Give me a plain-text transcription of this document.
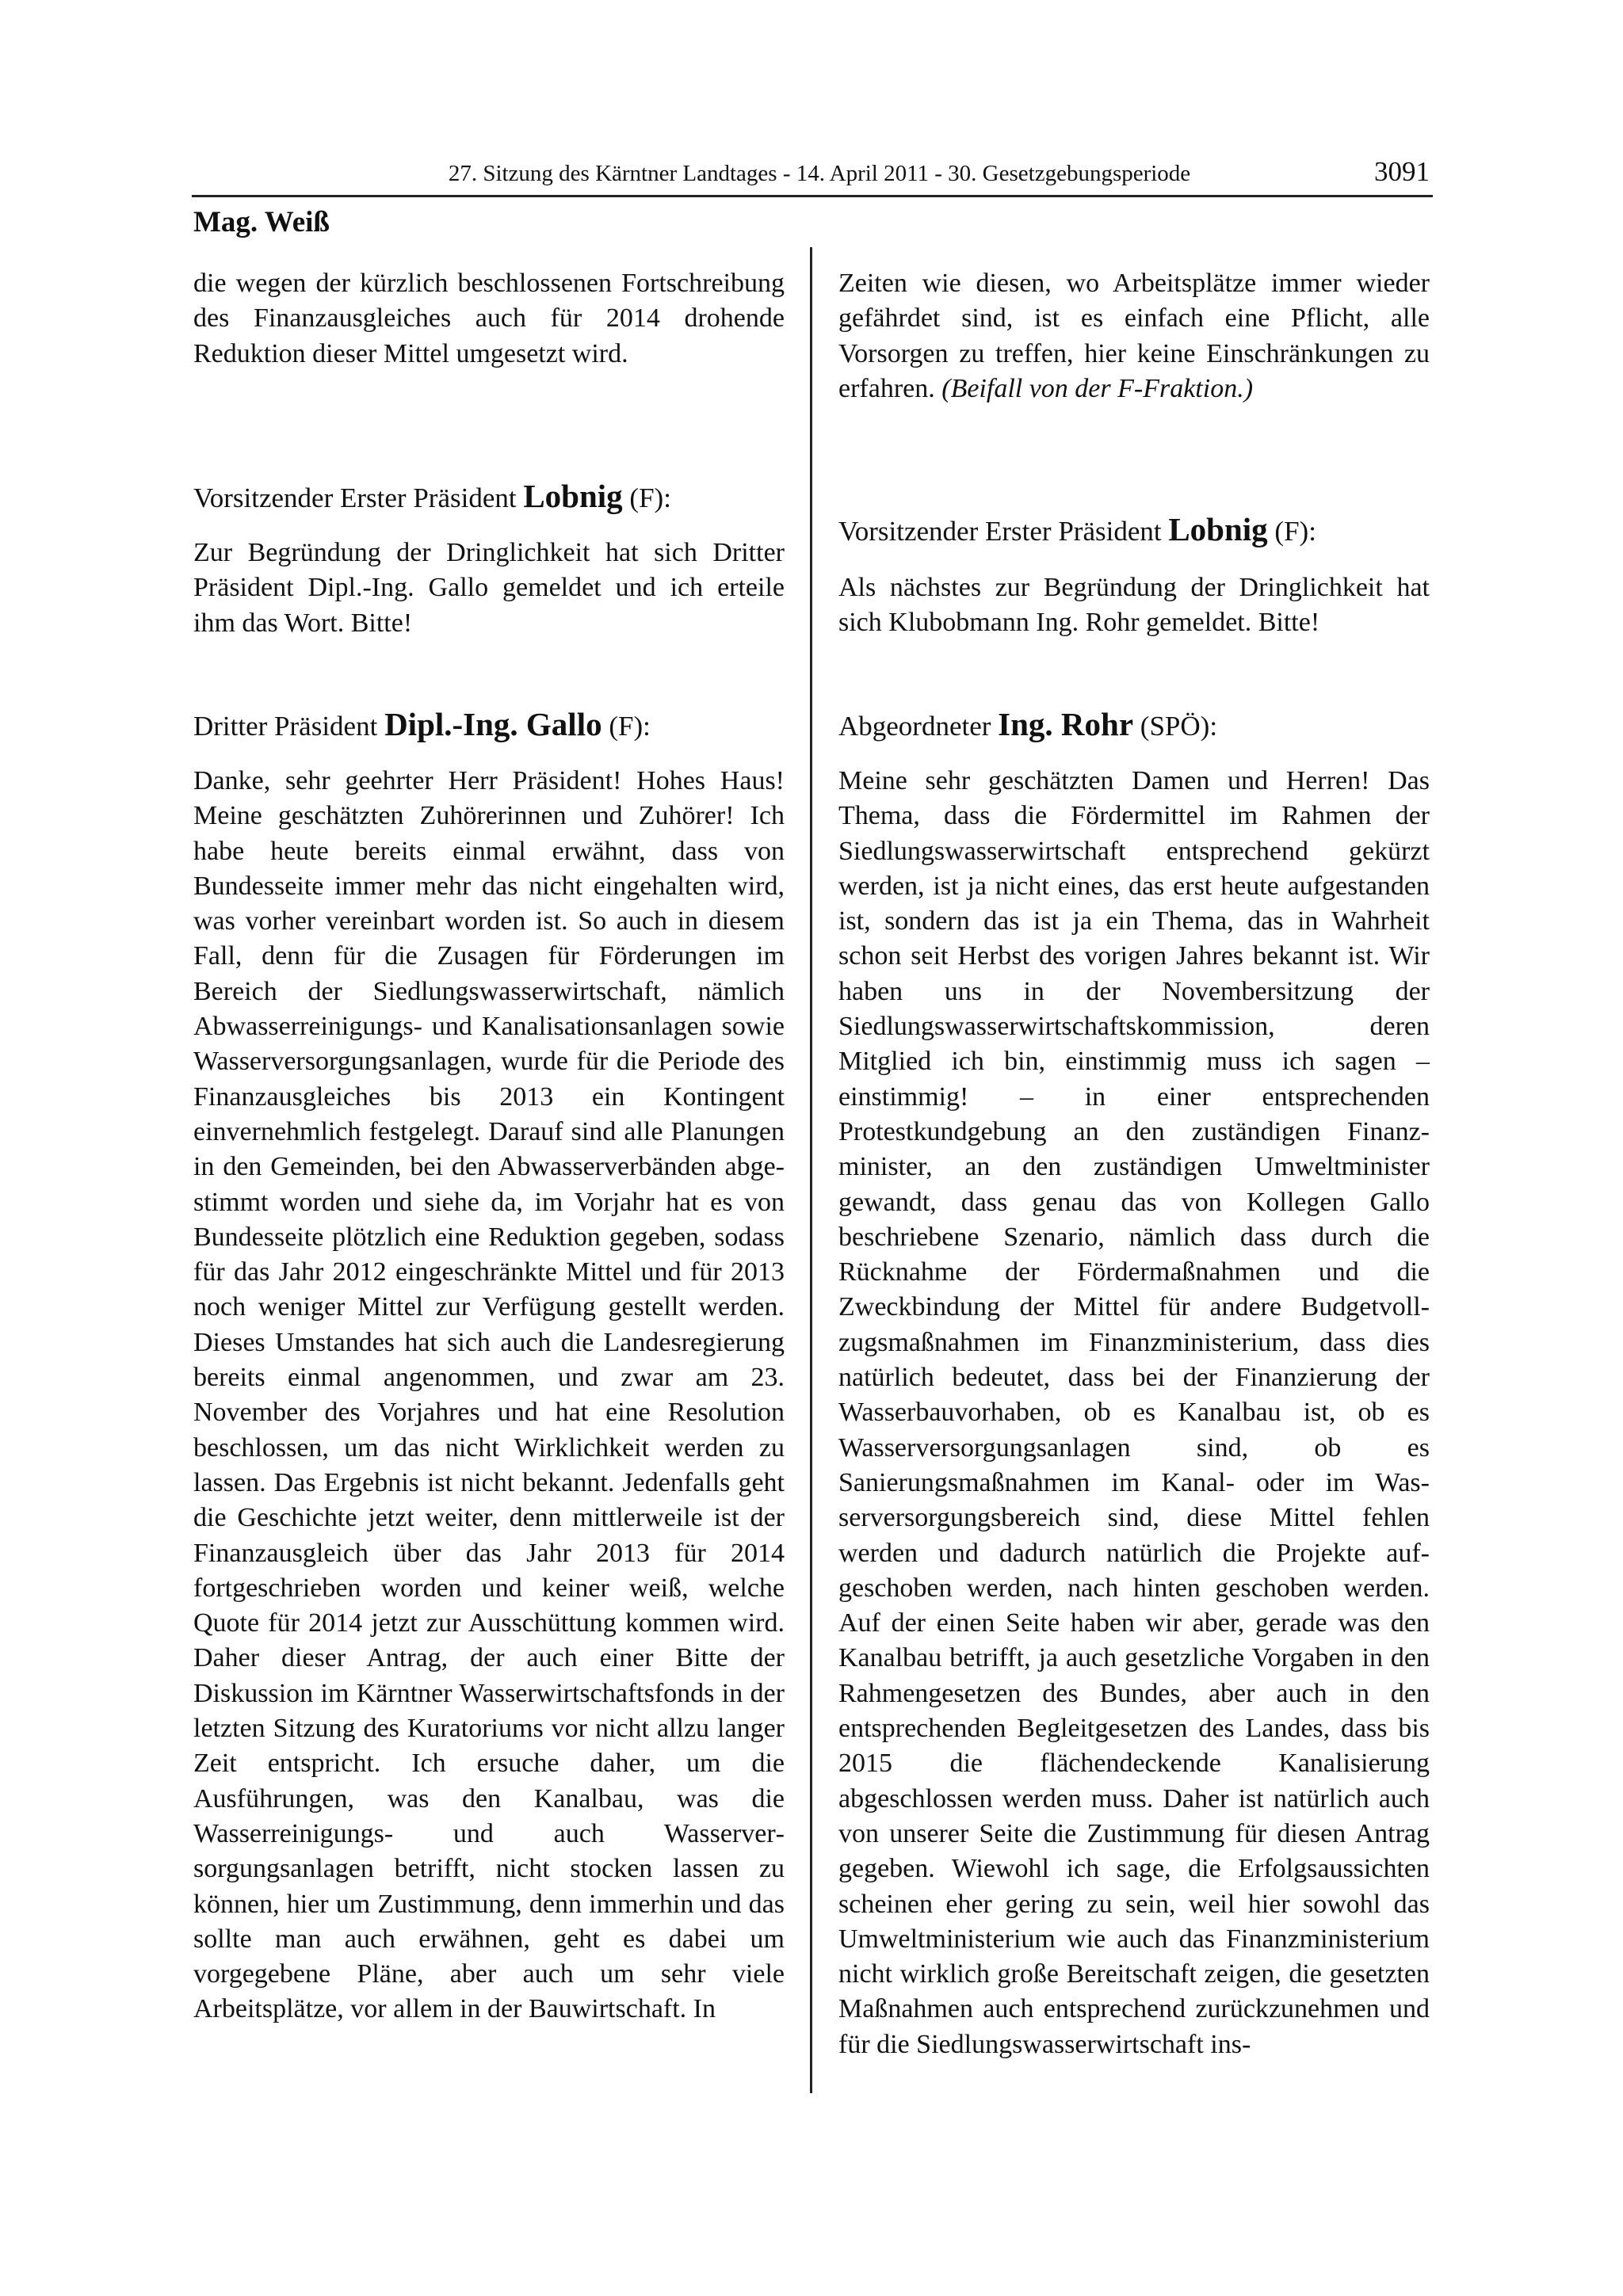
27. Sitzung des Kärntner Landtages - 14. April 2011 - 30. Gesetzgebungsperiode	3091
Mag. Weiß

die wegen der kürzlich beschlossenen Fortschreibung des Finanzausgleiches auch für 2014 drohende Reduktion dieser Mittel umgesetzt wird.

Vorsitzender Erster Präsident Lobnig (F):

Zur Begründung der Dringlichkeit hat sich Dritter Präsident Dipl.-Ing. Gallo gemeldet und ich erteile ihm das Wort. Bitte!

Dritter Präsident Dipl.-Ing. Gallo (F):

Danke, sehr geehrter Herr Präsident! Hohes Haus! Meine geschätzten Zuhörerinnen und Zuhörer! Ich habe heute bereits einmal erwähnt, dass von Bundesseite immer mehr das nicht eingehalten wird, was vorher vereinbart worden ist. So auch in diesem Fall, denn für die Zusagen für Förderungen im Bereich der Siedlungswasserwirtschaft, nämlich Abwasserreinigungs- und Kanalisationsanlagen sowie Wasserversorgungsanlagen, wurde für die Periode des Finanzausgleiches bis 2013 ein Kontingent einvernehmlich festgelegt. Darauf sind alle Planungen in den Gemeinden, bei den Abwasserverbänden abgestimmt worden und siehe da, im Vorjahr hat es von Bundesseite plötzlich eine Reduktion gegeben, sodass für das Jahr 2012 eingeschränkte Mittel und für 2013 noch weniger Mittel zur Verfügung gestellt werden. Dieses Umstandes hat sich auch die Landesregierung bereits einmal angenommen, und zwar am 23. November des Vorjahres und hat eine Resolution beschlossen, um das nicht Wirklichkeit werden zu lassen. Das Ergebnis ist nicht bekannt. Jedenfalls geht die Geschichte jetzt weiter, denn mittlerweile ist der Finanzausgleich über das Jahr 2013 für 2014 fortgeschrieben worden und keiner weiß, welche Quote für 2014 jetzt zur Ausschüttung kommen wird. Daher dieser Antrag, der auch einer Bitte der Diskussion im Kärntner Wasserwirtschaftsfonds in der letzten Sitzung des Kuratoriums vor nicht allzu langer Zeit entspricht. Ich ersuche daher, um die Ausführungen, was den Kanalbau, was die Wasserreinigungs- und auch Wasserversorgungsanlagen betrifft, nicht stocken lassen zu können, hier um Zustimmung, denn immerhin und das sollte man auch erwähnen, geht es dabei um vorgegebene Pläne, aber auch um sehr viele Arbeitsplätze, vor allem in der Bauwirtschaft. In

Zeiten wie diesen, wo Arbeitsplätze immer wieder gefährdet sind, ist es einfach eine Pflicht, alle Vorsorgen zu treffen, hier keine Einschränkungen zu erfahren. (Beifall von der F-Fraktion.)

Vorsitzender Erster Präsident Lobnig (F):

Als nächstes zur Begründung der Dringlichkeit hat sich Klubobmann Ing. Rohr gemeldet. Bitte!

Abgeordneter Ing. Rohr (SPÖ):

Meine sehr geschätzten Damen und Herren! Das Thema, dass die Fördermittel im Rahmen der Siedlungswasserwirtschaft entsprechend gekürzt werden, ist ja nicht eines, das erst heute aufgestanden ist, sondern das ist ja ein Thema, das in Wahrheit schon seit Herbst des vorigen Jahres bekannt ist. Wir haben uns in der Novembersitzung der Siedlungswasserwirtschaftskommission, deren Mitglied ich bin, einstimmig muss ich sagen – einstimmig! – in einer entsprechenden Protestkundgebung an den zuständigen Finanzminister, an den zuständigen Umweltminister gewandt, dass genau das von Kollegen Gallo beschriebene Szenario, nämlich dass durch die Rücknahme der Fördermaßnahmen und die Zweckbindung der Mittel für andere Budgetvollzugsmaßnahmen im Finanzministerium, dass dies natürlich bedeutet, dass bei der Finanzierung der Wasserbauvorhaben, ob es Kanalbau ist, ob es Wasserversorgungsanlagen sind, ob es Sanierungsmaßnahmen im Kanal- oder im Wasserversorgungsbereich sind, diese Mittel fehlen werden und dadurch natürlich die Projekte aufgeschoben werden, nach hinten geschoben werden. Auf der einen Seite haben wir aber, gerade was den Kanalbau betrifft, ja auch gesetzliche Vorgaben in den Rahmengesetzen des Bundes, aber auch in den entsprechenden Begleitgesetzen des Landes, dass bis 2015 die flächendeckende Kanalisierung abgeschlossen werden muss. Daher ist natürlich auch von unserer Seite die Zustimmung für diesen Antrag gegeben. Wiewohl ich sage, die Erfolgsaussichten scheinen eher gering zu sein, weil hier sowohl das Umweltministerium wie auch das Finanzministerium nicht wirklich große Bereitschaft zeigen, die gesetzten Maßnahmen auch entsprechend zurückzunehmen und für die Siedlungswasserwirtschaft ins-
